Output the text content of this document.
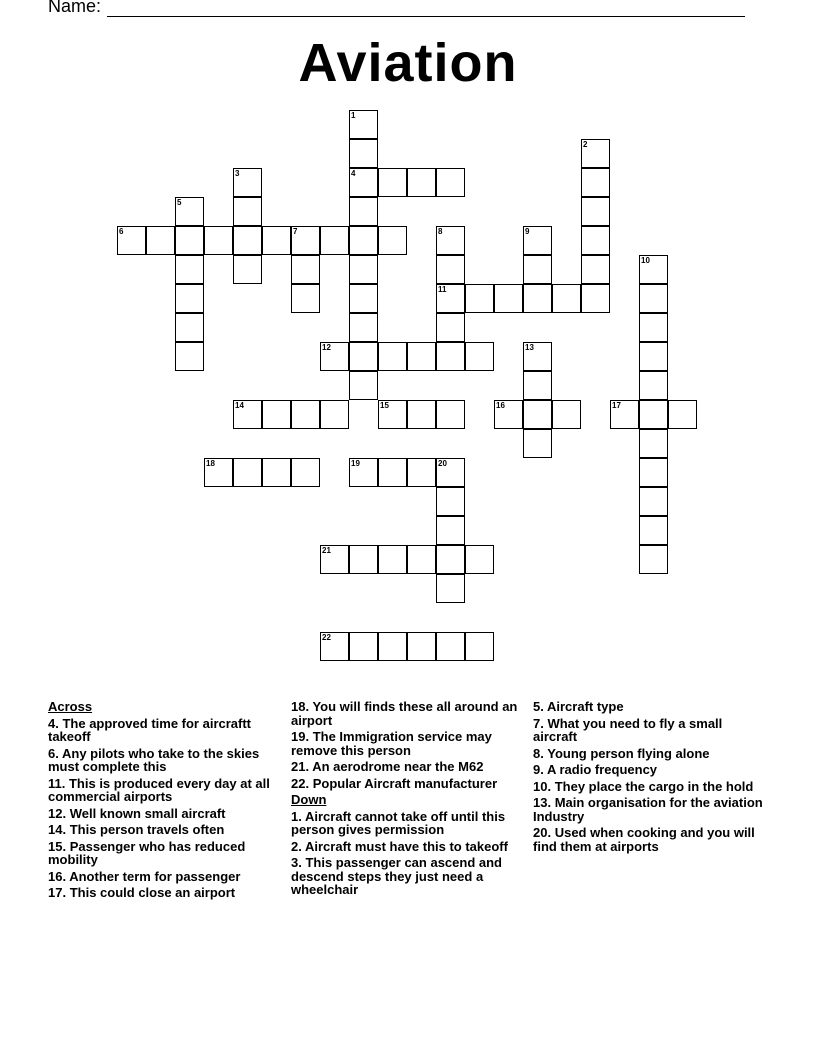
Name:
Aviation
1
2
3	4
5
6	7	8	9
10
11
12	13
14	15	16	17
18	19	20
21
22
Across
4. The approved time for aircraftt takeoff
6. Any pilots who take to the skies must complete this
11. This is produced every day at all commercial airports
12. Well known small aircraft
14. This person travels often
15. Passenger who has reduced mobility
16. Another term for passenger
17. This could close an airport
18. You will finds these all around an airport
19. The Immigration service may remove this person
21. An aerodrome near the M62
22. Popular Aircraft manufacturer
Down
1. Aircraft cannot take off until this person gives permission
2. Aircraft must have this to takeoff
3. This passenger can ascend and descend steps they just need a wheelchair
5. Aircraft type
7. What you need to fly a small aircraft
8. Young person flying alone
9. A radio frequency
10. They place the cargo in the hold
13. Main organisation for the aviation Industry
20. Used when cooking and you will find them at airports
